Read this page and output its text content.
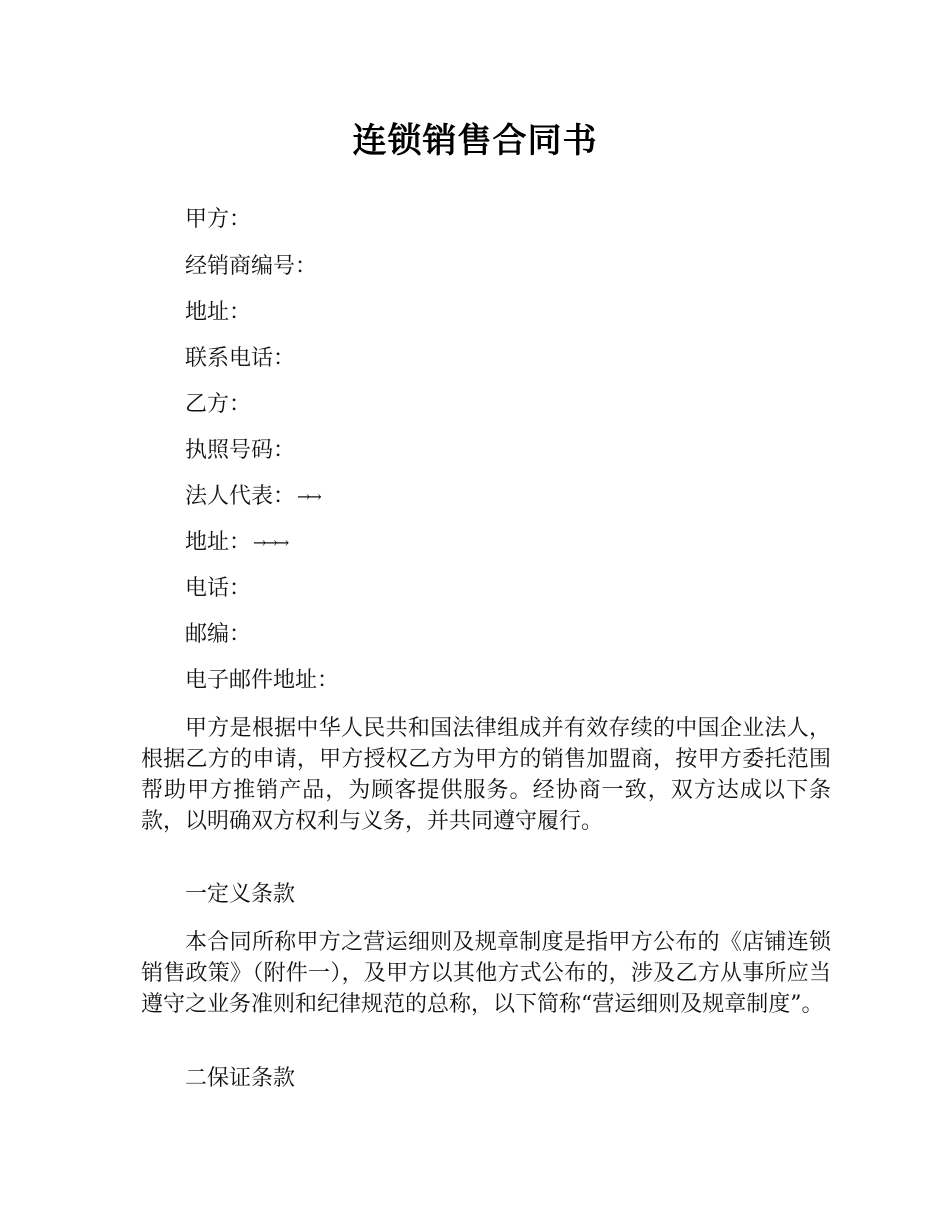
连锁销售合同书
甲方：
经销商编号：
地址：
联系电话：
乙方：
执照号码：
法人代表： →→
地址： →→→
电话：
邮编：
电子邮件地址：

甲方是根据中华人民共和国法律组成并有效存续的中国企业法人，根据乙方的申请，甲方授权乙方为甲方的销售加盟商，按甲方委托范围帮助甲方推销产品，为顾客提供服务。经协商一致，双方达成以下条款，以明确双方权利与义务，并共同遵守履行。

一定义条款

本合同所称甲方之营运细则及规章制度是指甲方公布的《店铺连锁销售政策》（附件一），及甲方以其他方式公布的，涉及乙方从事所应当遵守之业务准则和纪律规范的总称，以下简称“营运细则及规章制度”。

二保证条款
